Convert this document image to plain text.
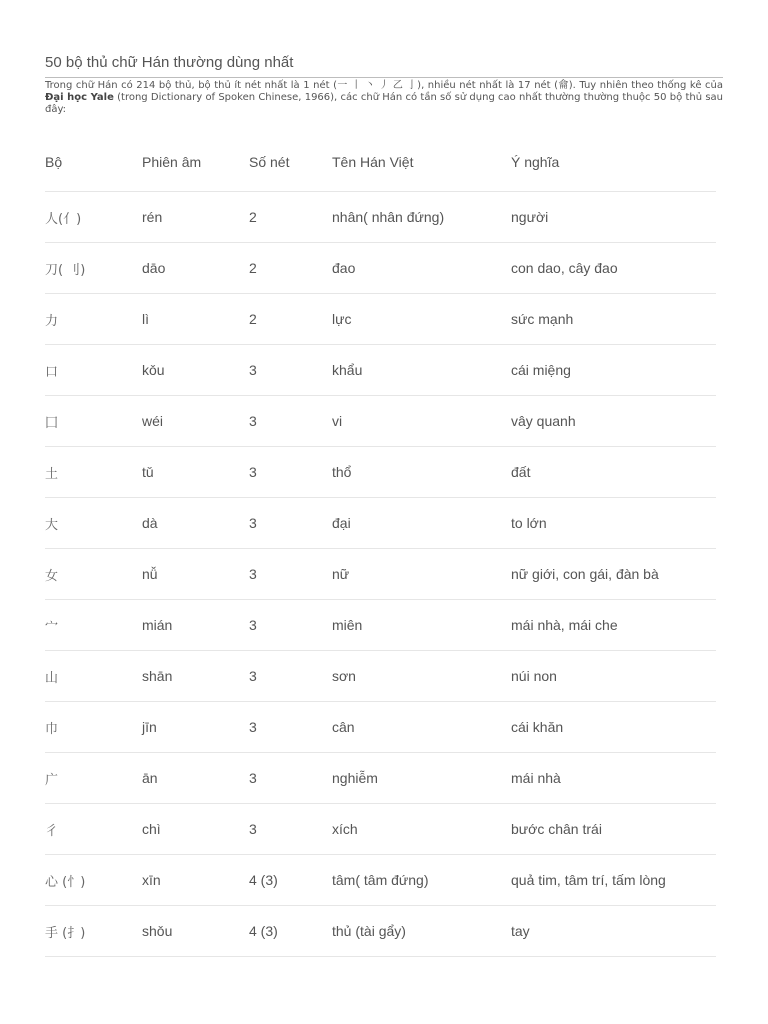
50 bộ thủ chữ Hán thường dùng nhất
Trong chữ Hán có 214 bộ thủ, bộ thủ ít nét nhất là 1 nét (一 丨 丶 丿 乙 亅), nhiều nét nhất là 17 nét (龠). Tuy nhiên theo thống kê của Đại học Yale (trong Dictionary of Spoken Chinese, 1966), các chữ Hán có tần số sử dụng cao nhất thường thường thuộc 50 bộ thủ sau đây:
Bộ	Phiên âm	Số nét	Tên Hán Việt	Ý nghĩa
人(亻)	rén	2	nhân( nhân đứng)	người
刀( 刂)	dāo	2	đao	con dao, cây đao
力	lì	2	lực	sức mạnh
口	kǒu	3	khẩu	cái miệng
囗	wéi	3	vi	vây quanh
土	tǔ	3	thổ	đất
大	dà	3	đại	to lớn
女	nǚ	3	nữ	nữ giới, con gái, đàn bà
宀	mián	3	miên	mái nhà, mái che
山	shān	3	sơn	núi non
巾	jīn	3	cân	cái khăn
广	ān	3	nghiễm	mái nhà
彳	chì	3	xích	bước chân trái
心 (忄)	xīn	4 (3)	tâm( tâm đứng)	quả tim, tâm trí, tấm lòng
手 (扌)	shǒu	4 (3)	thủ (tài gẩy)	tay
